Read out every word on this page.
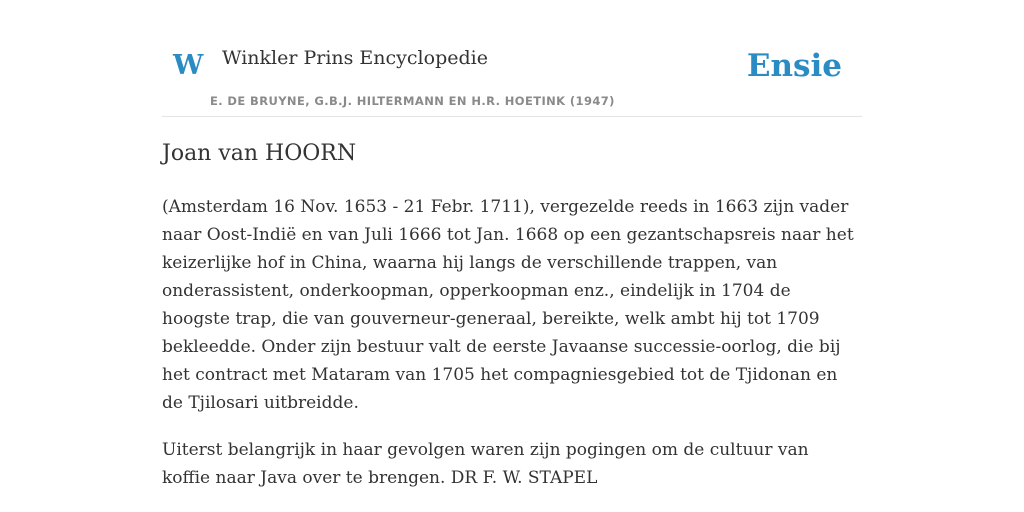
W Winkler Prins Encyclopedie
E. DE BRUYNE, G.B.J. HILTERMANN EN H.R. HOETINK (1947)
Ensie
Joan van HOORN

(Amsterdam 16 Nov. 1653 - 21 Febr. 1711), vergezelde reeds in 1663 zijn vader naar Oost-Indië en van Juli 1666 tot Jan. 1668 op een gezantschapsreis naar het keizerlijke hof in China, waarna hij langs de verschillende trappen, van onderassistent, onderkoopman, opperkoopman enz., eindelijk in 1704 de hoogste trap, die van gouverneur-generaal, bereikte, welk ambt hij tot 1709 bekleedde. Onder zijn bestuur valt de eerste Javaanse successie-oorlog, die bij het contract met Mataram van 1705 het compagniesgebied tot de Tjidonan en de Tjilosari uitbreidde.

Uiterst belangrijk in haar gevolgen waren zijn pogingen om de cultuur van koffie naar Java over te brengen. DR F. W. STAPEL
